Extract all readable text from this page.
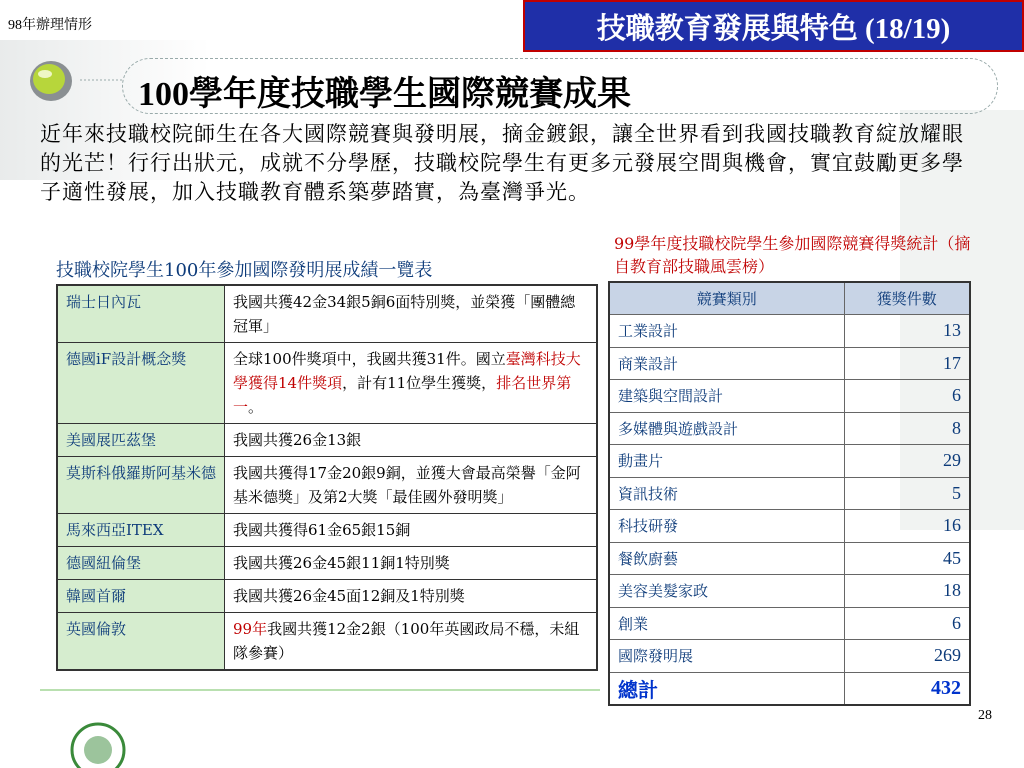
98年辦理情形	技職教育發展與特色 (18/19)
100學年度技職學生國際競賽成果
近年來技職校院師生在各大國際競賽與發明展，摘金鍍銀，讓全世界看到我國技職教育綻放耀眼的光芒！行行出狀元，成就不分學歷，技職校院學生有更多元發展空間與機會，實宜鼓勵更多學子適性發展，加入技職教育體系築夢踏實，為臺灣爭光。
技職校院學生100年參加國際發明展成績一覽表
瑞士日內瓦	我國共獲42金34銀5銅6面特別獎，並榮獲「團體總冠軍」
德國iF設計概念獎	全球100件獎項中，我國共獲31件。國立臺灣科技大學獲得14件獎項，計有11位學生獲獎，排名世界第一。
美國展匹茲堡	我國共獲26金13銀
莫斯科俄羅斯阿基米德	我國共獲得17金20銀9銅，並獲大會最高榮譽「金阿基米德獎」及第2大獎「最佳國外發明獎」
馬來西亞ITEX	我國共獲得61金65銀15銅
德國紐倫堡	我國共獲26金45銀11銅1特別獎
韓國首爾	我國共獲26金45面12銅及1特別獎
英國倫敦	99年我國共獲12金2銀（100年英國政局不穩，未組隊參賽）
99學年度技職校院學生參加國際競賽得獎統計（摘自教育部技職風雲榜）
競賽類別	獲獎件數
工業設計	13
商業設計	17
建築與空間設計	6
多媒體與遊戲設計	8
動畫片	29
資訊技術	5
科技研發	16
餐飲廚藝	45
美容美髮家政	18
創業	6
國際發明展	269
總計	432
28
